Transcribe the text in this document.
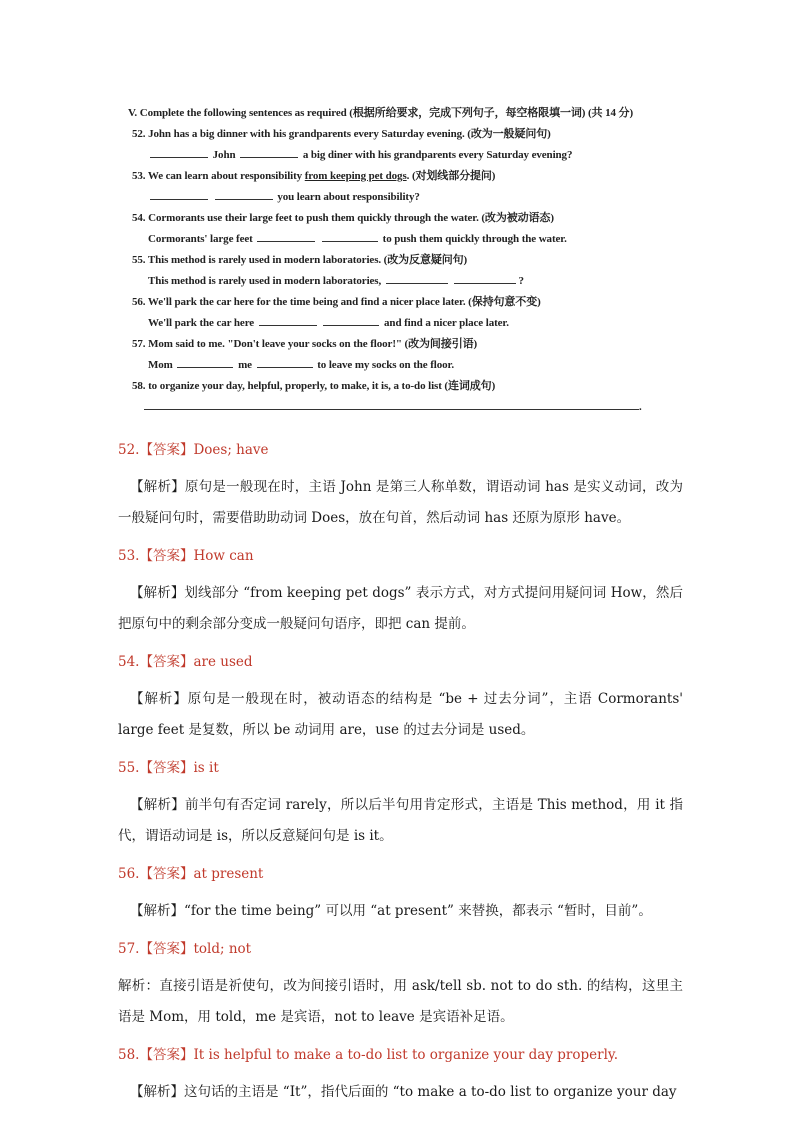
V. Complete the following sentences as required (根据所给要求，完成下列句子，每空格限填一词) (共 14 分)
52. John has a big dinner with his grandparents every Saturday evening. (改为一般疑问句)
John	a big diner with his grandparents every Saturday evening?
53. We can learn about responsibility from keeping pet dogs. (对划线部分提问)
you learn about responsibility?
54. Cormorants use their large feet to push them quickly through the water. (改为被动语态)
Cormorants' large feet	to push them quickly through the water.
55. This method is rarely used in modern laboratories. (改为反意疑问句)
This method is rarely used in modern laboratories,	?
56. We'll park the car here for the time being and find a nicer place later. (保持句意不变)
We'll park the car here	and find a nicer place later.
57. Mom said to me. "Don't leave your socks on the floor!" (改为间接引语)
Mom	me	to leave my socks on the floor.
58. to organize your day, helpful, properly, to make, it is, a to-do list (连词成句)
.
52.【答案】Does; have
【解析】原句是一般现在时，主语 John 是第三人称单数，谓语动词 has 是实义动词，改为一般疑问句时，需要借助助动词 Does，放在句首，然后动词 has 还原为原形 have。
53.【答案】How can
【解析】划线部分 “from keeping pet dogs” 表示方式，对方式提问用疑问词 How，然后把原句中的剩余部分变成一般疑问句语序，即把 can 提前。
54.【答案】are used
【解析】原句是一般现在时，被动语态的结构是 “be + 过去分词”，主语 Cormorants' large feet 是复数，所以 be 动词用 are，use 的过去分词是 used。
55.【答案】is it
【解析】前半句有否定词 rarely，所以后半句用肯定形式，主语是 This method，用 it 指代，谓语动词是 is，所以反意疑问句是 is it。
56.【答案】at present
【解析】“for the time being” 可以用 “at present” 来替换，都表示 “暂时，目前”。
57.【答案】told; not
解析：直接引语是祈使句，改为间接引语时，用 ask/tell sb. not to do sth. 的结构，这里主语是 Mom，用 told，me 是宾语，not to leave 是宾语补足语。
58.【答案】It is helpful to make a to-do list to organize your day properly.
【解析】这句话的主语是 “It”，指代后面的 “to make a to-do list to organize your day
